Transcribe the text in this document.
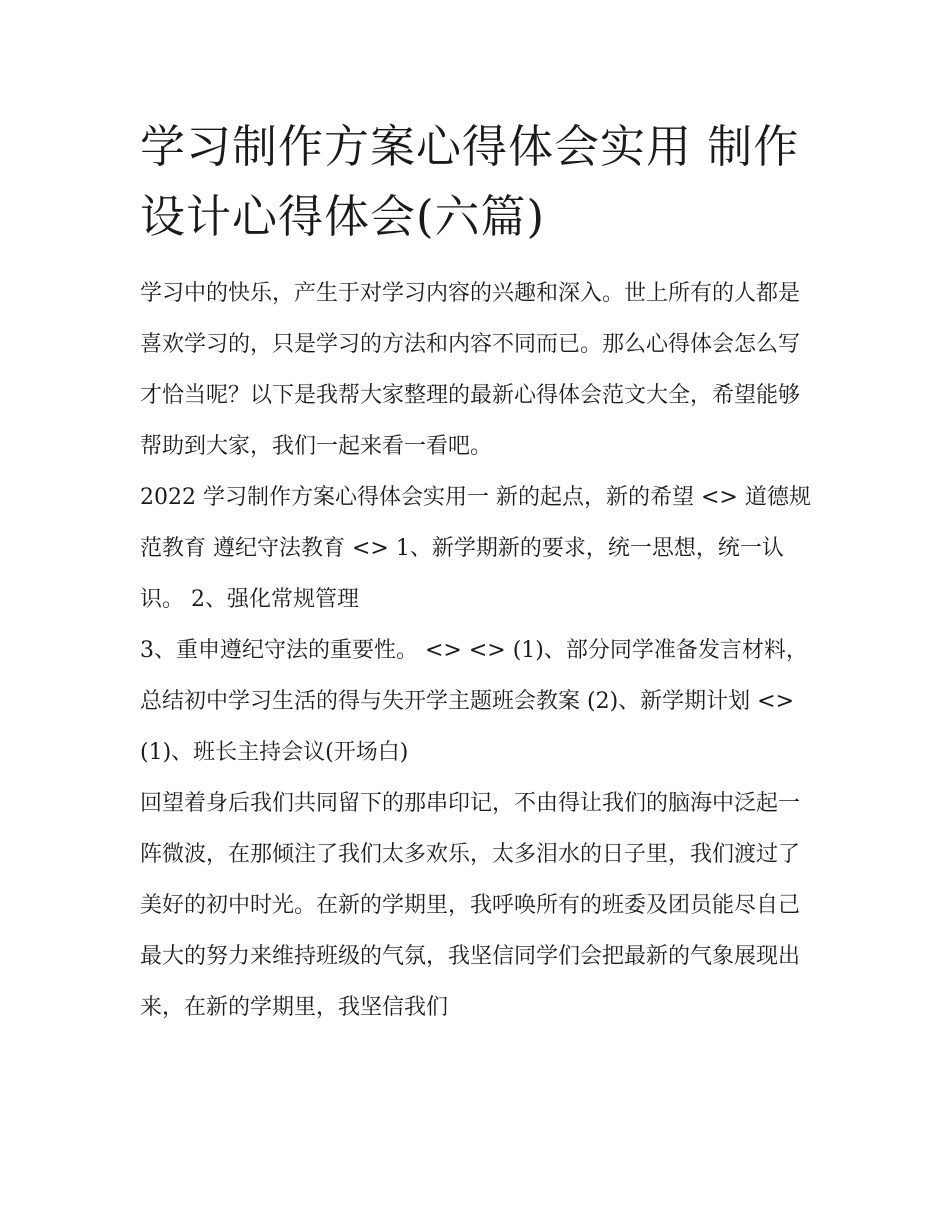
学习制作方案心得体会实用 制作设计心得体会(六篇)

学习中的快乐，产生于对学习内容的兴趣和深入。世上所有的人都是喜欢学习的，只是学习的方法和内容不同而已。那么心得体会怎么写才恰当呢？以下是我帮大家整理的最新心得体会范文大全，希望能够帮助到大家，我们一起来看一看吧。

2022 学习制作方案心得体会实用一 新的起点，新的希望 <> 道德规范教育 遵纪守法教育 <> 1、新学期新的要求，统一思想，统一认识。 2、强化常规管理

3、重申遵纪守法的重要性。 <> <> (1)、部分同学准备发言材料，总结初中学习生活的得与失开学主题班会教案 (2)、新学期计划 <>

(1)、班长主持会议(开场白)

回望着身后我们共同留下的那串印记，不由得让我们的脑海中泛起一阵微波，在那倾注了我们太多欢乐，太多泪水的日子里，我们渡过了美好的初中时光。在新的学期里，我呼唤所有的班委及团员能尽自己最大的努力来维持班级的气氛，我坚信同学们会把最新的气象展现出来，在新的学期里，我坚信我们
